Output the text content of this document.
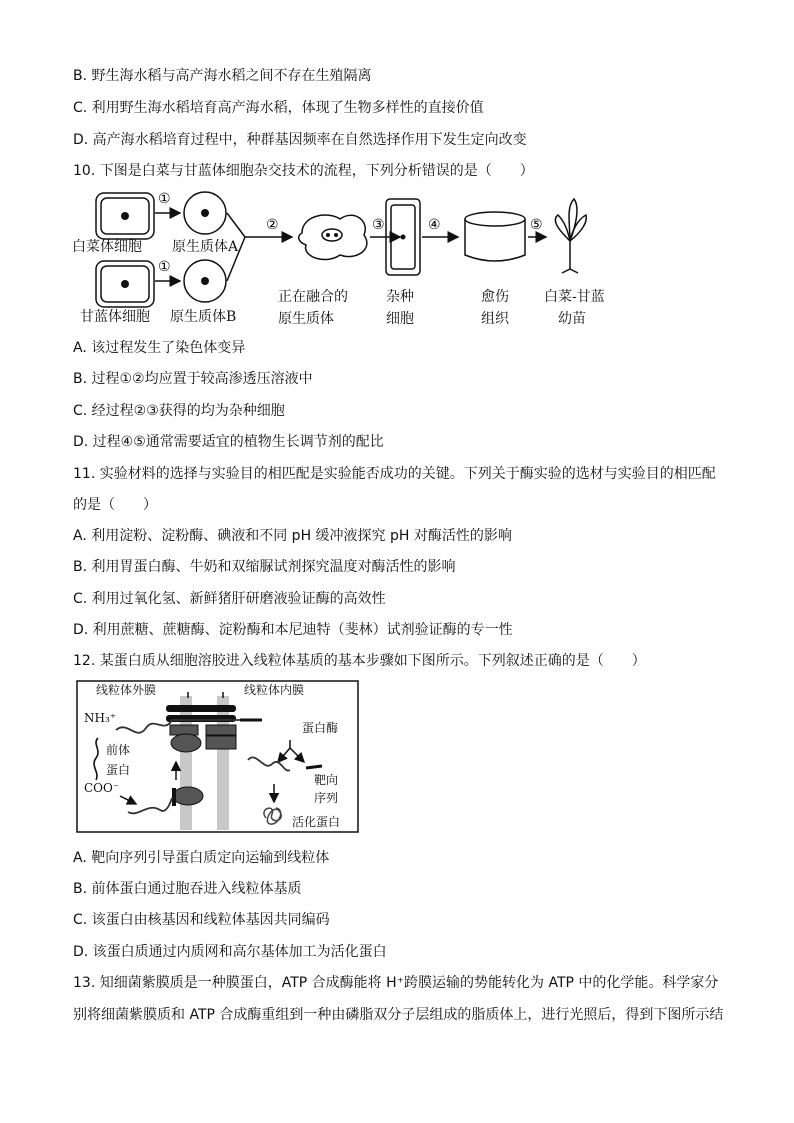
B. 野生海水稻与高产海水稻之间不存在生殖隔离
C. 利用野生海水稻培育高产海水稻，体现了生物多样性的直接价值
D. 高产海水稻培育过程中，种群基因频率在自然选择作用下发生定向改变
10. 下图是白菜与甘蓝体细胞杂交技术的流程，下列分析错误的是（　　）
A. 该过程发生了染色体变异
B. 过程①②均应置于较高渗透压溶液中
C. 经过程②③获得的均为杂种细胞
D. 过程④⑤通常需要适宜的植物生长调节剂的配比
11. 实验材料的选择与实验目的相匹配是实验能否成功的关键。下列关于酶实验的选材与实验目的相匹配
的是（　　）
A. 利用淀粉、淀粉酶、碘液和不同 pH 缓冲液探究 pH 对酶活性的影响
B. 利用胃蛋白酶、牛奶和双缩脲试剂探究温度对酶活性的影响
C. 利用过氧化氢、新鲜猪肝研磨液验证酶的高效性
D. 利用蔗糖、蔗糖酶、淀粉酶和本尼迪特（斐林）试剂验证酶的专一性
12. 某蛋白质从细胞溶胶进入线粒体基质的基本步骤如下图所示。下列叙述正确的是（　　）
A. 靶向序列引导蛋白质定向运输到线粒体
B. 前体蛋白通过胞吞进入线粒体基质
C. 该蛋白由核基因和线粒体基因共同编码
D. 该蛋白质通过内质网和高尔基体加工为活化蛋白
13. 知细菌紫膜质是一种膜蛋白，ATP 合成酶能将 H⁺跨膜运输的势能转化为 ATP 中的化学能。科学家分
别将细菌紫膜质和 ATP 合成酶重组到一种由磷脂双分子层组成的脂质体上，进行光照后，得到下图所示结
①
①
②	③	④	⑤
白菜体细胞 原生质体A
甘蓝体细胞 原生质体B
正在融合的
原生质体
杂种
细胞
愈伤
组织
白菜-甘蓝
幼苗
线粒体外膜	线粒体内膜
NH₃⁺
前体
蛋白
COO⁻
蛋白酶
靶向
序列
活化蛋白
